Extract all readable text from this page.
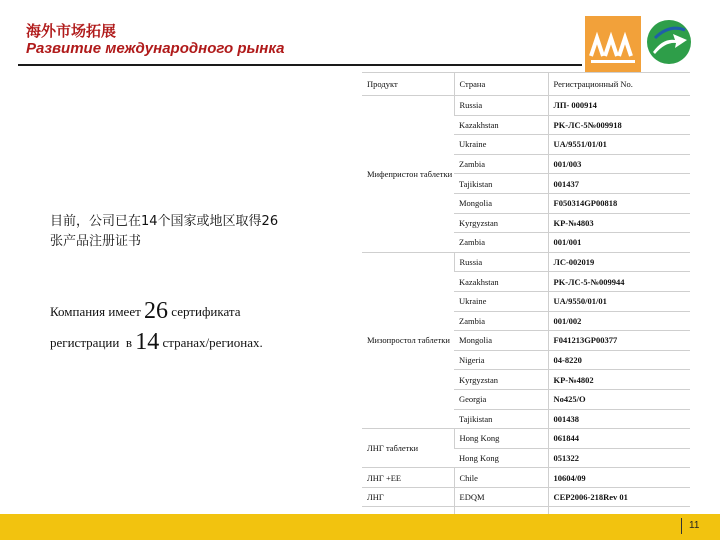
海外市场拓展
Развитие международного рынка
目前，公司已在14个国家或地区取得26
张产品注册证书
Компания имеет 26 сертификата
регистрации в 14 странах/регионах.
Продукт	Страна	Регистрационный No.
Мифепристон таблетки	Russia	ЛП- 000914
	Kazakhstan	PK-ЛС-5№009918
	Ukraine	UA/9551/01/01
	Zambia	001/003
	Tajikistan	001437
	Mongolia	F050314GP00818
	Kyrgyzstan	KP-№4803
	Zambia	001/001
Мизопростол таблетки	Russia	ЛС-002019
	Kazakhstan	PK-ЛС-5-№009944
	Ukraine	UA/9550/01/01
	Zambia	001/002
	Mongolia	F041213GP00377
	Nigeria	04-8220
	Kyrgyzstan	KP-№4802
	Georgia	No425/O
	Tajikistan	001438
ЛНГ таблетки	Hong Kong	061844
	Hong Kong	051322
ЛНГ +ЕЕ	Chile	10604/09
ЛНГ	EDQM	CEP2006-218Rev 01

11
